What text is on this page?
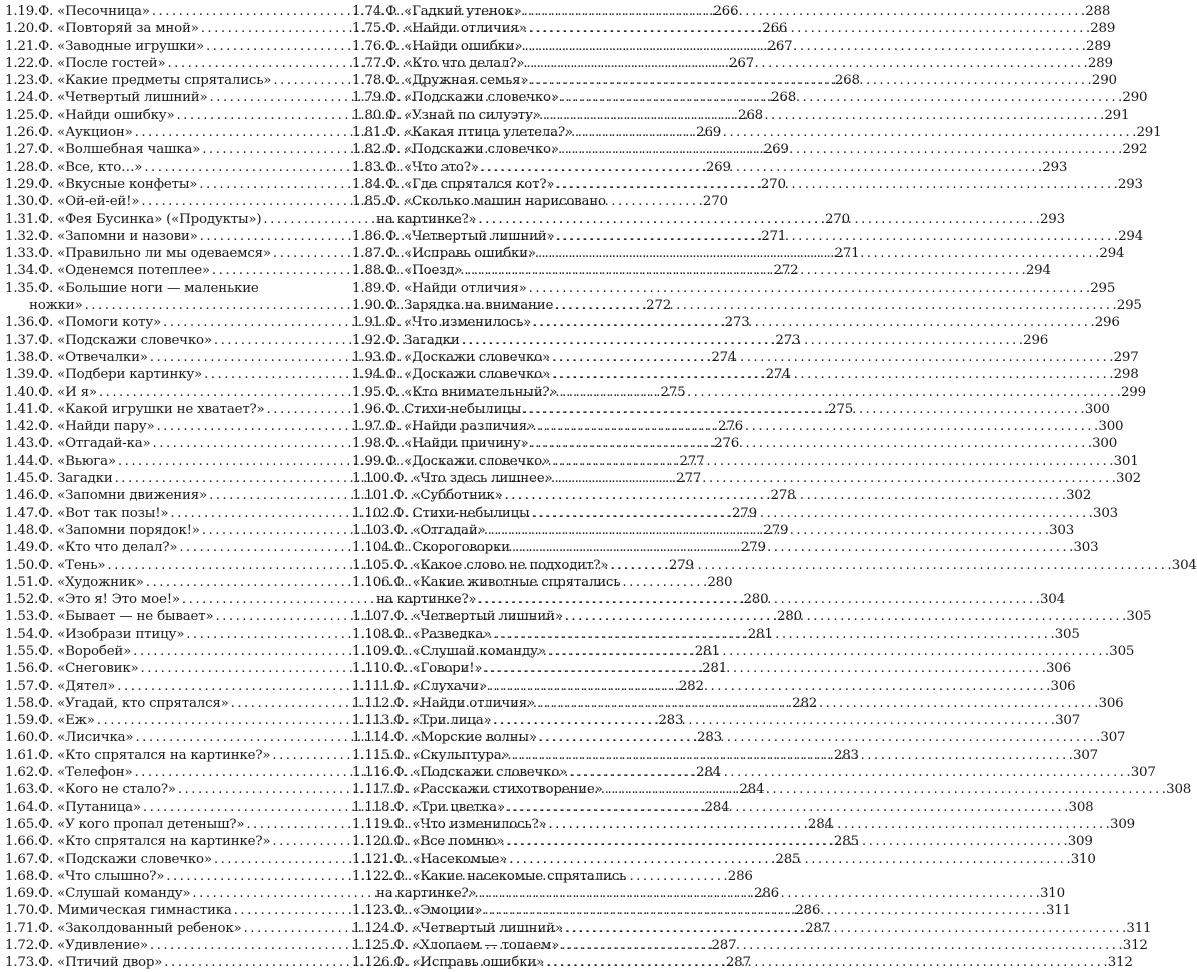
1.19.Ф. «Песочница» . . .	266
1.20.Ф. «Повторяй за мной» . . .	266
1.21.Ф. «Заводные игрушки» . . .	267
1.22.Ф. «После гостей» . . .	267
1.23.Ф. «Какие предметы спрятались» . . .	268
1.24.Ф. «Четвертый лишний» . . .	268
1.25.Ф. «Найди ошибку» . . .	268
1.26.Ф. «Аукцион» . . .	269
1.27.Ф. «Волшебная чашка» . . .	269
1.28.Ф. «Все, кто…» . . .	269
1.29.Ф. «Вкусные конфеты» . . .	270
1.30.Ф. «Ой-ей-ей!» . . .	270
1.31.Ф. «Фея Бусинка» («Продукты») . . .	270
1.32.Ф. «Запомни и назови» . . .	271
1.33.Ф. «Правильно ли мы одеваемся» . . .	271
1.34.Ф. «Оденемся потеплее» . . .	272
1.35.Ф. «Большие ноги — маленькие
ножки» . . .	272
1.36.Ф. «Помоги коту» . . .	273
1.37.Ф. «Подскажи словечко» . . .	273
1.38.Ф. «Отвечалки» . . .	274
1.39.Ф. «Подбери картинку» . . .	274
1.40.Ф. «И я» . . .	275
1.41.Ф. «Какой игрушки не хватает?» . . .	275
1.42.Ф. «Найди пару» . . .	276
1.43.Ф. «Отгадай-ка» . . .	276
1.44.Ф. «Вьюга» . . .	277
1.45.Ф. Загадки . . .	277
1.46.Ф. «Запомни движения» . . .	278
1.47.Ф. «Вот так позы!» . . .	279
1.48.Ф. «Запомни порядок!» . . .	279
1.49.Ф. «Кто что делал?» . . .	279
1.50.Ф. «Тень» . . .	279
1.51.Ф. «Художник» . . .	280
1.52.Ф. «Это я! Это мое!» . . .	280
1.53.Ф. «Бывает — не бывает» . . .	280
1.54.Ф. «Изобрази птицу» . . .	281
1.55.Ф. «Воробей» . . .	281
1.56.Ф. «Снеговик» . . .	281
1.57.Ф. «Дятел» . . .	282
1.58.Ф. «Угадай, кто спрятался» . . .	282
1.59.Ф. «Еж» . . .	283
1.60.Ф. «Лисичка» . . .	283
1.61.Ф. «Кто спрятался на картинке?» . . .	283
1.62.Ф. «Телефон» . . .	284
1.63.Ф. «Кого не стало?» . . .	284
1.64.Ф. «Путаница» . . .	284
1.65.Ф. «У кого пропал детеныш?» . . .	284
1.66.Ф. «Кто спрятался на картинке?» . . .	285
1.67.Ф. «Подскажи словечко» . . .	285
1.68.Ф. «Что слышно?» . . .	286
1.69.Ф. «Слушай команду» . . .	286
1.70.Ф. Мимическая гимнастика . . .	286
1.71.Ф. «Заколдованный ребенок» . . .	287
1.72.Ф. «Удивление» . . .	287
1.73.Ф. «Птичий двор» . . .	287
1.74.Ф. «Гадкий утенок» . . .	288
1.75.Ф. «Найди отличия» . . .	289
1.76.Ф. «Найди ошибки» . . .	289
1.77.Ф. «Кто что делал?» . . .	289
1.78.Ф. «Дружная семья» . . .	290
1.79.Ф. «Подскажи словечко» . . .	290
1.80.Ф. «Узнай по силуэту» . . .	291
1.81.Ф. «Какая птица улетела?» . . .	291
1.82.Ф. «Подскажи словечко» . . .	292
1.83.Ф. «Что это?» . . .	293
1.84.Ф. «Где спрятался кот?» . . .	293
1.85.Ф. «Сколько машин нарисовано
на картинке?» . . .	293
1.86.Ф. «Четвертый лишний» . . .	294
1.87.Ф. «Исправь ошибки» . . .	294
1.88.Ф. «Поезд» . . .	294
1.89.Ф. «Найди отличия» . . .	295
1.90.Ф. Зарядка на внимание . . .	295
1.91.Ф. «Что изменилось» . . .	296
1.92.Ф. Загадки . . .	296
1.93.Ф. «Доскажи словечко» . . .	297
1.94.Ф. «Доскажи словечко» . . .	298
1.95.Ф. «Кто внимательный?» . . .	299
1.96.Ф. Стихи-небылицы . . .	300
1.97.Ф. «Найди различия» . . .	300
1.98.Ф. «Найди причину» . . .	300
1.99.Ф. «Доскажи словечко» . . .	301
1.100.Ф. «Что здесь лишнее» . . .	302
1.101.Ф. «Субботник» . . .	302
1.102.Ф. Стихи-небылицы . . .	303
1.103.Ф. «Отгадай» . . .	303
1.104.Ф. Скороговорки . . .	303
1.105.Ф. «Какое слово не подходит?» . . .	304
1.106.Ф. «Какие животные спрятались
на картинке?» . . .	304
1.107.Ф. «Четвертый лишний» . . .	305
1.108.Ф. «Разведка» . . .	305
1.109.Ф. «Слушай команду» . . .	305
1.110.Ф. «Говори!» . . .	306
1.111.Ф. «Слухачи» . . .	306
1.112.Ф. «Найди отличия» . . .	306
1.113.Ф. «Три лица» . . .	307
1.114.Ф. «Морские волны» . . .	307
1.115.Ф. «Скульптура» . . .	307
1.116.Ф. «Подскажи словечко» . . .	307
1.117.Ф. «Расскажи стихотворение» . . .	308
1.118.Ф. «Три цветка» . . .	308
1.119.Ф. «Что изменилось?» . . .	309
1.120.Ф. «Все помню» . . .	309
1.121.Ф. «Насекомые» . . .	310
1.122.Ф. «Какие насекомые спрятались
на картинке?» . . .	310
1.123.Ф. «Эмоции» . . .	311
1.124.Ф. «Четвертый лишний» . . .	311
1.125.Ф. «Хлопаем — топаем» . . .	312
1.126.Ф. «Исправь ошибки» . . .	312
